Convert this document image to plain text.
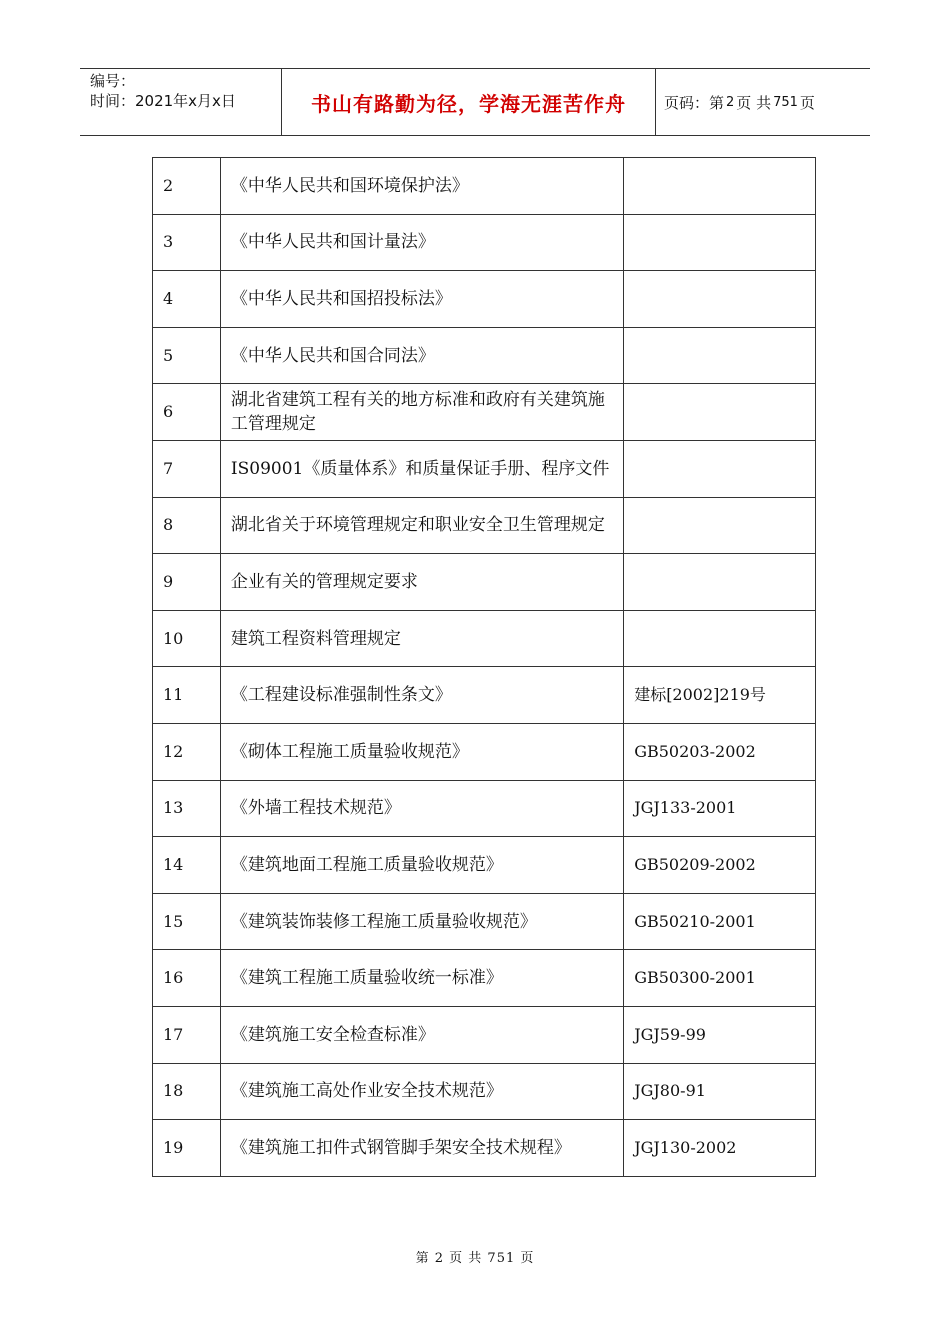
编号：
时间：2021年x月x日	书山有路勤为径，学海无涯苦作舟	页码：第 2 页 共 751 页
2	《中华人民共和国环境保护法》	
3	《中华人民共和国计量法》	
4	《中华人民共和国招投标法》	
5	《中华人民共和国合同法》	
6	湖北省建筑工程有关的地方标准和政府有关建筑施工管理规定	
7	IS09001《质量体系》和质量保证手册、程序文件	
8	湖北省关于环境管理规定和职业安全卫生管理规定	
9	企业有关的管理规定要求	
10	建筑工程资料管理规定	
11	《工程建设标准强制性条文》	建标[2002]219号
12	《砌体工程施工质量验收规范》	GB50203-2002
13	《外墙工程技术规范》	JGJ133-2001
14	《建筑地面工程施工质量验收规范》	GB50209-2002
15	《建筑装饰装修工程施工质量验收规范》	GB50210-2001
16	《建筑工程施工质量验收统一标准》	GB50300-2001
17	《建筑施工安全检查标准》	JGJ59-99
18	《建筑施工高处作业安全技术规范》	JGJ80-91
19	《建筑施工扣件式钢管脚手架安全技术规程》	JGJ130-2002
第 2 页 共 751 页
